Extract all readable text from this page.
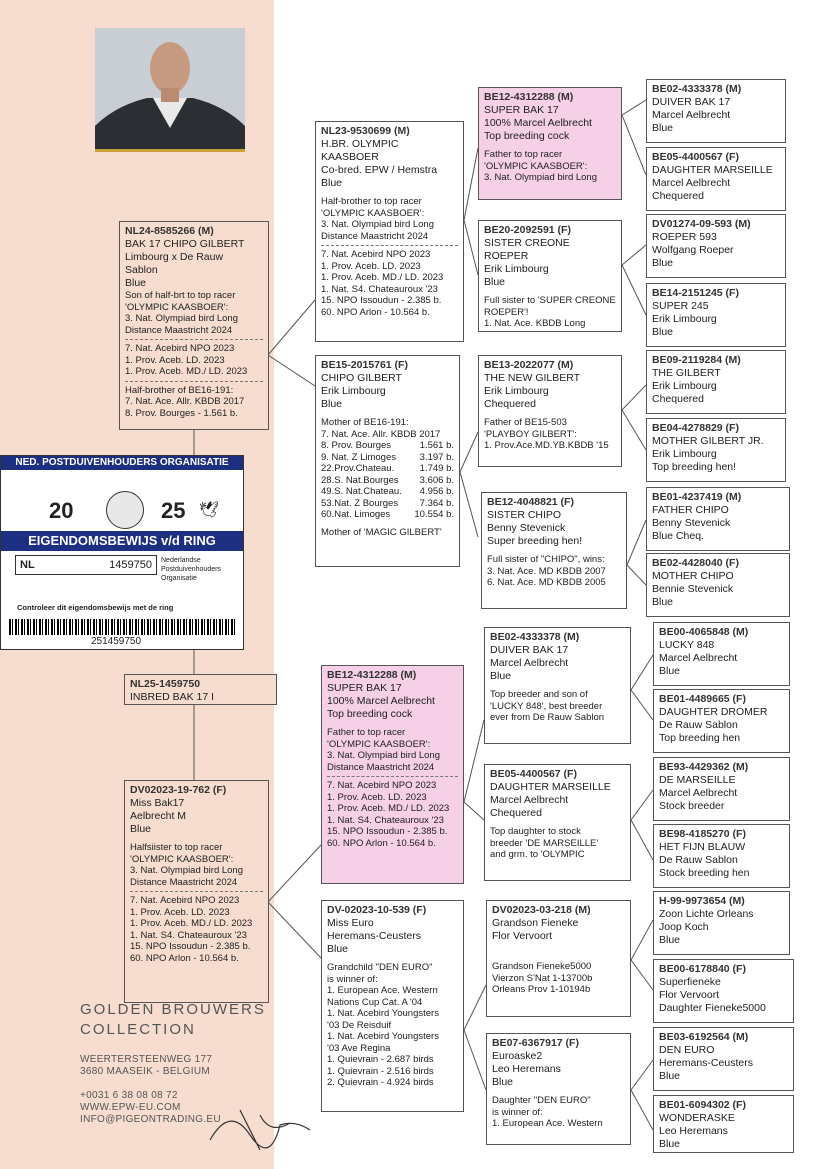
NL25-1459750
INBRED BAK 17 I
NL24-8585266 (M)
BAK 17 CHIPO GILBERT
Limbourg x De Rauw
Sablon
Blue
Son of half-brt to top racer
'OLYMPIC KAASBOER':
3. Nat. Olympiad bird Long
Distance Maastricht 2024
7. Nat. Acebird NPO 2023
1. Prov. Aceb. LD. 2023
1. Prov. Aceb. MD./ LD. 2023
Half-brother of BE16-191:
7. Nat. Ace. Allr. KBDB 2017
8. Prov. Bourges - 1.561 b.
NED. POSTDUIVENHOUDERS ORGANISATIE
20	25 🕊
EIGENDOMSBEWIJS v/d RING
NL	1459750 Nederlandse Postduivenhouders Organisatie
Controleer dit eigendomsbewijs met de ring
251459750
DV02023-19-762 (F)
Miss Bak17
Aelbrecht M
Blue
Halfsiister to top racer
'OLYMPIC KAASBOER':
3. Nat. Olympiad bird Long
Distance Maastricht 2024
7. Nat. Acebird NPO 2023
1. Prov. Aceb. LD. 2023
1. Prov. Aceb. MD./ LD. 2023
1. Nat. S4. Chateauroux '23
15. NPO Issoudun - 2.385 b.
60. NPO Arlon - 10.564 b.
NL23-9530699 (M)
H.BR. OLYMPIC KAASBOER
Co-bred. EPW / Hemstra
Blue
Half-brother to top racer
'OLYMPIC KAASBOER':
3. Nat. Olympiad bird Long
Distance Maastricht 2024
7. Nat. Acebird NPO 2023
1. Prov. Aceb. LD. 2023
1. Prov. Aceb. MD./ LD. 2023
1. Nat. S4. Chateauroux '23
15. NPO Issoudun - 2.385 b.
60. NPO Arlon - 10.564 b.
BE15-2015761 (F)
CHIPO GILBERT
Erik Limbourg
Blue
Mother of BE16-191:
7. Nat. Ace. Allr. KBDB 2017
8. Prov. Bourges	1.561 b.
9. Nat. Z Limoges 3.197 b.
22.Prov.Chateau.	1.749 b.
28.S. Nat.Bourges 3.606 b.
49.S. Nat.Chateau. 4.956 b.
53.Nat. Z Bourges 7.364 b.
60.Nat. Limoges	10.554 b.
Mother of 'MAGIC GILBERT'
BE12-4312288 (M)
SUPER BAK 17
100% Marcel Aelbrecht
Top breeding cock
Father to top racer
'OLYMPIC KAASBOER':
3. Nat. Olympiad bird Long
Distance Maastricht 2024
7. Nat. Acebird NPO 2023
1. Prov. Aceb. LD. 2023
1. Prov. Aceb. MD./ LD. 2023
1. Nat. S4. Chateauroux '23
15. NPO Issoudun - 2.385 b.
60. NPO Arlon - 10.564 b.
DV-02023-10-539 (F)
Miss Euro
Heremans-Ceusters
Blue
Grandchild "DEN EURO"
is winner of:
1. European Ace. Western
Nations Cup Cat. A '04
1. Nat. Acebird Youngsters
'03 De Reisduif
1. Nat. Acebird Youngsters
'03 Ave Regina
1. Quievrain - 2.687 birds
1. Quievrain - 2.516 birds
2. Quievrain - 4.924 birds
BE12-4312288 (M)
SUPER BAK 17
100% Marcel Aelbrecht
Top breeding cock
Father to top racer
'OLYMPIC KAASBOER':
3. Nat. Olympiad bird Long
BE20-2092591 (F)
SISTER CREONE ROEPER
Erik Limbourg
Blue
Full sister to 'SUPER CREONE
ROEPER'!
1. Nat. Ace. KBDB Long
BE13-2022077 (M)
THE NEW GILBERT
Erik Limbourg
Chequered
Father of BE15-503
'PLAYBOY GILBERT':
1. Prov.Ace.MD.YB.KBDB '15
BE12-4048821 (F)
SISTER CHIPO
Benny Stevenick
Super breeding hen!
Full sister of "CHIPO", wins:
3. Nat. Ace. MD KBDB 2007
6. Nat. Ace. MD KBDB 2005
BE02-4333378 (M)
DUIVER BAK 17
Marcel Aelbrecht
Blue
Top breeder and son of
'LUCKY 848', best breeder
ever from De Rauw Sablon
BE05-4400567 (F)
DAUGHTER MARSEILLE
Marcel Aelbrecht
Chequered
Top daughter to stock
breeder 'DE MARSEILLE'
and grm. to 'OLYMPIC
DV02023-03-218 (M)
Grandson Fieneke
Flor Vervoort
Grandson Fieneke5000
Vierzon S'Nat 1-13700b
Orleans Prov 1-10194b
BE07-6367917 (F)
Euroaske2
Leo Heremans
Blue
Daughter "DEN EURO"
is winner of:
1. European Ace. Western
BE02-4333378 (M)
DUIVER BAK 17
Marcel Aelbrecht
Blue
BE05-4400567 (F)
DAUGHTER MARSEILLE
Marcel Aelbrecht
Chequered
DV01274-09-593 (M)
ROEPER 593
Wolfgang Roeper
Blue
BE14-2151245 (F)
SUPER 245
Erik Limbourg
Blue
BE09-2119284 (M)
THE GILBERT
Erik Limbourg
Chequered
BE04-4278829 (F)
MOTHER GILBERT JR.
Erik Limbourg
Top breeding hen!
BE01-4237419 (M)
FATHER CHIPO
Benny Stevenick
Blue Cheq.
BE02-4428040 (F)
MOTHER CHIPO
Bennie Stevenick
Blue
BE00-4065848 (M)
LUCKY 848
Marcel Aelbrecht
Blue
BE01-4489665 (F)
DAUGHTER DROMER
De Rauw Sablon
Top breeding hen
BE93-4429362 (M)
DE MARSEILLE
Marcel Aelbrecht
Stock breeder
BE98-4185270 (F)
HET FIJN BLAUW
De Rauw Sablon
Stock breeding hen
H-99-9973654 (M)
Zoon Lichte Orleans
Joop Koch
Blue
BE00-6178840 (F)
Superfieneke
Flor Vervoort
Daughter Fieneke5000
BE03-6192564 (M)
DEN EURO
Heremans-Ceusters
Blue
BE01-6094302 (F)
WONDERASKE
Leo Heremans
Blue
GOLDEN BROUWERS
COLLECTION
WEERTERSTEENWEG 177
3680 MAASEIK - BELGIUM
+0031 6 38 08 08 72
WWW.EPW-EU.COM
INFO@PIGEONTRADING.EU
